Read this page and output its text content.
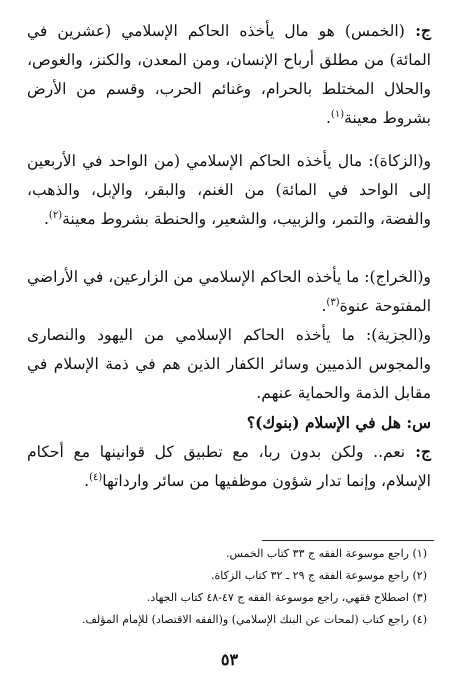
ج: (الخمس) هو مال يأخذه الحاكم الإسلامي (عشرين في المائة) من مطلق أرباح الإنسان، ومن المعدن، والكنز، والغوص، والحلال المختلط بالحرام، وغنائم الحرب، وقسم من الأرض بشروط معينة$^{(١)}$.

و(الزكاة): مال يأخذه الحاكم الإسلامي (من الواحد في الأربعين إلى الواحد في المائة) من الغنم، والبقر، والإبل، والذهب، والفضة، والتمر، والزبيب، والشعير، والحنطة بشروط معينة$^{(٢)}$.

و(الخراج): ما يأخذه الحاكم الإسلامي من الزارعين، في الأراضي المفتوحة عنوة$^{(٣)}$.

و(الجزية): ما يأخذه الحاكم الإسلامي من اليهود والنصارى والمجوس الذميين وسائر الكفار الذين هم في ذمة الإسلام في مقابل الذمة والحماية عنهم.

س: هل في الإسلام (بنوك)؟

ج: نعم.. ولكن بدون ربا، مع تطبيق كل قوانينها مع أحكام الإسلام، وإنما تدار شؤون موظفيها من سائر وارداتها$^{(٤)}$.

(١) راجع موسوعة الفقه ج ٣٣ كتاب الخمس.

(٢) راجع موسوعة الفقه ج ٢٩ ـ ٣٢ كتاب الزكاة.

(٣) اصطلاح فقهي، راجع موسوعة الفقه ج ٤٧-٤٨ كتاب الجهاد.

(٤) راجع كتاب (لمحات عن البنك الإسلامي) و(الفقه الاقتصاد) للإمام المؤلف.

٥٣
